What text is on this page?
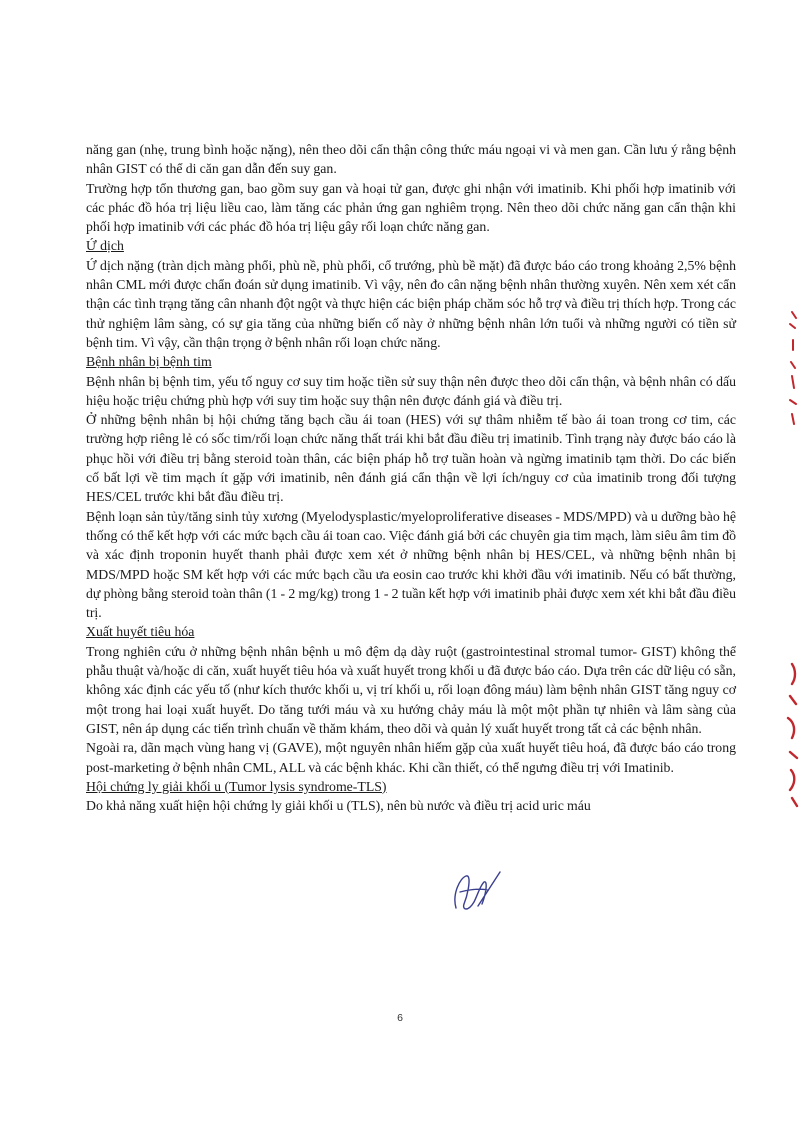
năng gan (nhẹ, trung bình hoặc nặng), nên theo dõi cẩn thận công thức máu ngoại vi và men gan. Cần lưu ý rằng bệnh nhân GIST có thể di căn gan dẫn đến suy gan.

Trường hợp tổn thương gan, bao gồm suy gan và hoại tử gan, được ghi nhận với imatinib. Khi phối hợp imatinib với các phác đồ hóa trị liệu liều cao, làm tăng các phản ứng gan nghiêm trọng. Nên theo dõi chức năng gan cẩn thận khi phối hợp imatinib với các phác đồ hóa trị liệu gây rối loạn chức năng gan.

Ứ dịch

Ứ dịch nặng (tràn dịch màng phổi, phù nề, phù phổi, cổ trướng, phù bề mặt) đã được báo cáo trong khoảng 2,5% bệnh nhân CML mới được chẩn đoán sử dụng imatinib. Vì vậy, nên đo cân nặng bệnh nhân thường xuyên. Nên xem xét cẩn thận các tình trạng tăng cân nhanh đột ngột và thực hiện các biện pháp chăm sóc hỗ trợ và điều trị thích hợp. Trong các thử nghiệm lâm sàng, có sự gia tăng của những biến cố này ở những bệnh nhân lớn tuổi và những người có tiền sử bệnh tim. Vì vậy, cần thận trọng ở bệnh nhân rối loạn chức năng.

Bệnh nhân bị bệnh tim

Bệnh nhân bị bệnh tim, yếu tố nguy cơ suy tim hoặc tiền sử suy thận nên được theo dõi cẩn thận, và bệnh nhân có dấu hiệu hoặc triệu chứng phù hợp với suy tim hoặc suy thận nên được đánh giá và điều trị.

Ở những bệnh nhân bị hội chứng tăng bạch cầu ái toan (HES) với sự thâm nhiễm tế bào ái toan trong cơ tim, các trường hợp riêng lẻ có sốc tim/rối loạn chức năng thất trái khi bắt đầu điều trị imatinib. Tình trạng này được báo cáo là phục hồi với điều trị bằng steroid toàn thân, các biện pháp hỗ trợ tuần hoàn và ngừng imatinib tạm thời. Do các biến cố bất lợi về tim mạch ít gặp với imatinib, nên đánh giá cẩn thận về lợi ích/nguy cơ của imatinib trong đối tượng HES/CEL trước khi bắt đầu điều trị.

Bệnh loạn sản tủy/tăng sinh tủy xương (Myelodysplastic/myeloproliferative diseases - MDS/MPD) và u dưỡng bào hệ thống có thể kết hợp với các mức bạch cầu ái toan cao. Việc đánh giá bởi các chuyên gia tim mạch, làm siêu âm tim đồ và xác định troponin huyết thanh phải được xem xét ở những bệnh nhân bị HES/CEL, và những bệnh nhân bị MDS/MPD hoặc SM kết hợp với các mức bạch cầu ưa eosin cao trước khi khởi đầu với imatinib. Nếu có bất thường, dự phòng bằng steroid toàn thân (1 - 2 mg/kg) trong 1 - 2 tuần kết hợp với imatinib phải được xem xét khi bắt đầu điều trị.

Xuất huyết tiêu hóa

Trong nghiên cứu ở những bệnh nhân bệnh u mô đệm dạ dày ruột (gastrointestinal stromal tumor- GIST) không thể phẫu thuật và/hoặc di căn, xuất huyết tiêu hóa và xuất huyết trong khối u đã được báo cáo. Dựa trên các dữ liệu có sẵn, không xác định các yếu tố (như kích thước khối u, vị trí khối u, rối loạn đông máu) làm bệnh nhân GIST tăng nguy cơ một trong hai loại xuất huyết. Do tăng tưới máu và xu hướng chảy máu là một một phần tự nhiên và lâm sàng của GIST, nên áp dụng các tiến trình chuẩn về thăm khám, theo dõi và quản lý xuất huyết trong tất cả các bệnh nhân.

Ngoài ra, dãn mạch vùng hang vị (GAVE), một nguyên nhân hiếm gặp của xuất huyết tiêu hoá, đã được báo cáo trong post-marketing ở bệnh nhân CML, ALL và các bệnh khác. Khi cần thiết, có thể ngưng điều trị với Imatinib.

Hội chứng ly giải khối u (Tumor lysis syndrome-TLS)

Do khả năng xuất hiện hội chứng ly giải khối u (TLS), nên bù nước và điều trị acid uric máu

6
